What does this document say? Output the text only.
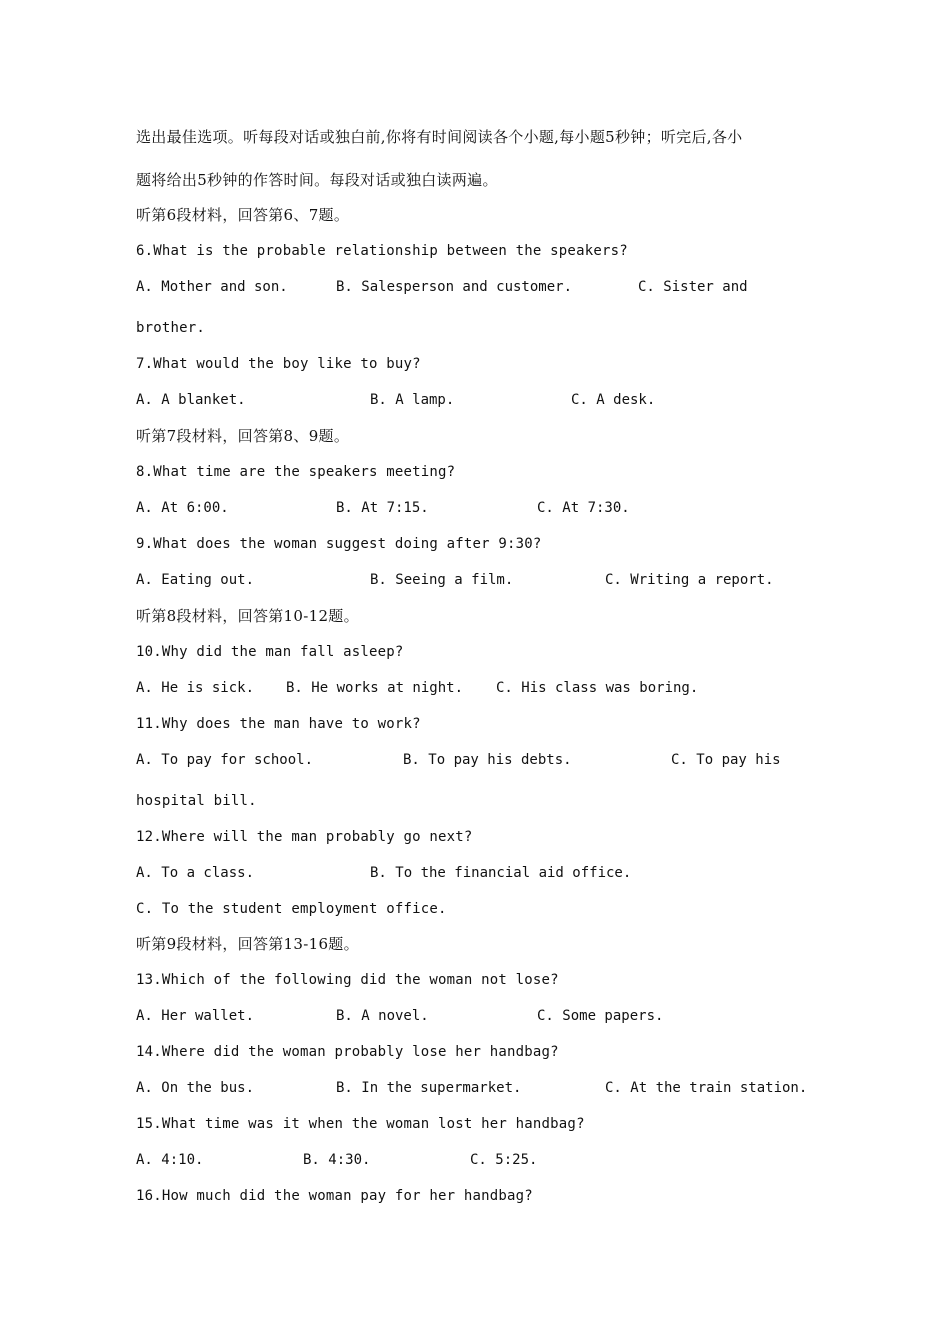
选出最佳选项。听每段对话或独白前,你将有时间阅读各个小题,每小题5秒钟；听完后,各小
题将给出5秒钟的作答时间。每段对话或独白读两遍。
听第6段材料，回答第6、7题。
6.What is the probable relationship between the speakers?
A. Mother and son.	B. Salesperson and customer.	C. Sister and
brother.
7.What would the boy like to buy?
A. A blanket.	B. A lamp.	C. A desk.
听第7段材料，回答第8、9题。
8.What time are the speakers meeting?
A. At 6:00.	B. At 7:15.	C. At 7:30.
9.What does the woman suggest doing after 9:30?
A. Eating out.	B. Seeing a film.	C. Writing a report.
听第8段材料，回答第10-12题。
10.Why did the man fall asleep?
A. He is sick. B. He works at night. C. His class was boring.
11.Why does the man have to work?
A. To pay for school.	B. To pay his debts.	C. To pay his
hospital bill.
12.Where will the man probably go next?
A. To a class.	B. To the financial aid office.
C. To the student employment office.
听第9段材料，回答第13-16题。
13.Which of the following did the woman not lose?
A. Her wallet.	B. A novel.	C. Some papers.
14.Where did the woman probably lose her handbag?
A. On the bus.	B. In the supermarket.	C. At the train station.
15.What time was it when the woman lost her handbag?
A. 4:10.	B. 4:30.	C. 5:25.
16.How much did the woman pay for her handbag?
